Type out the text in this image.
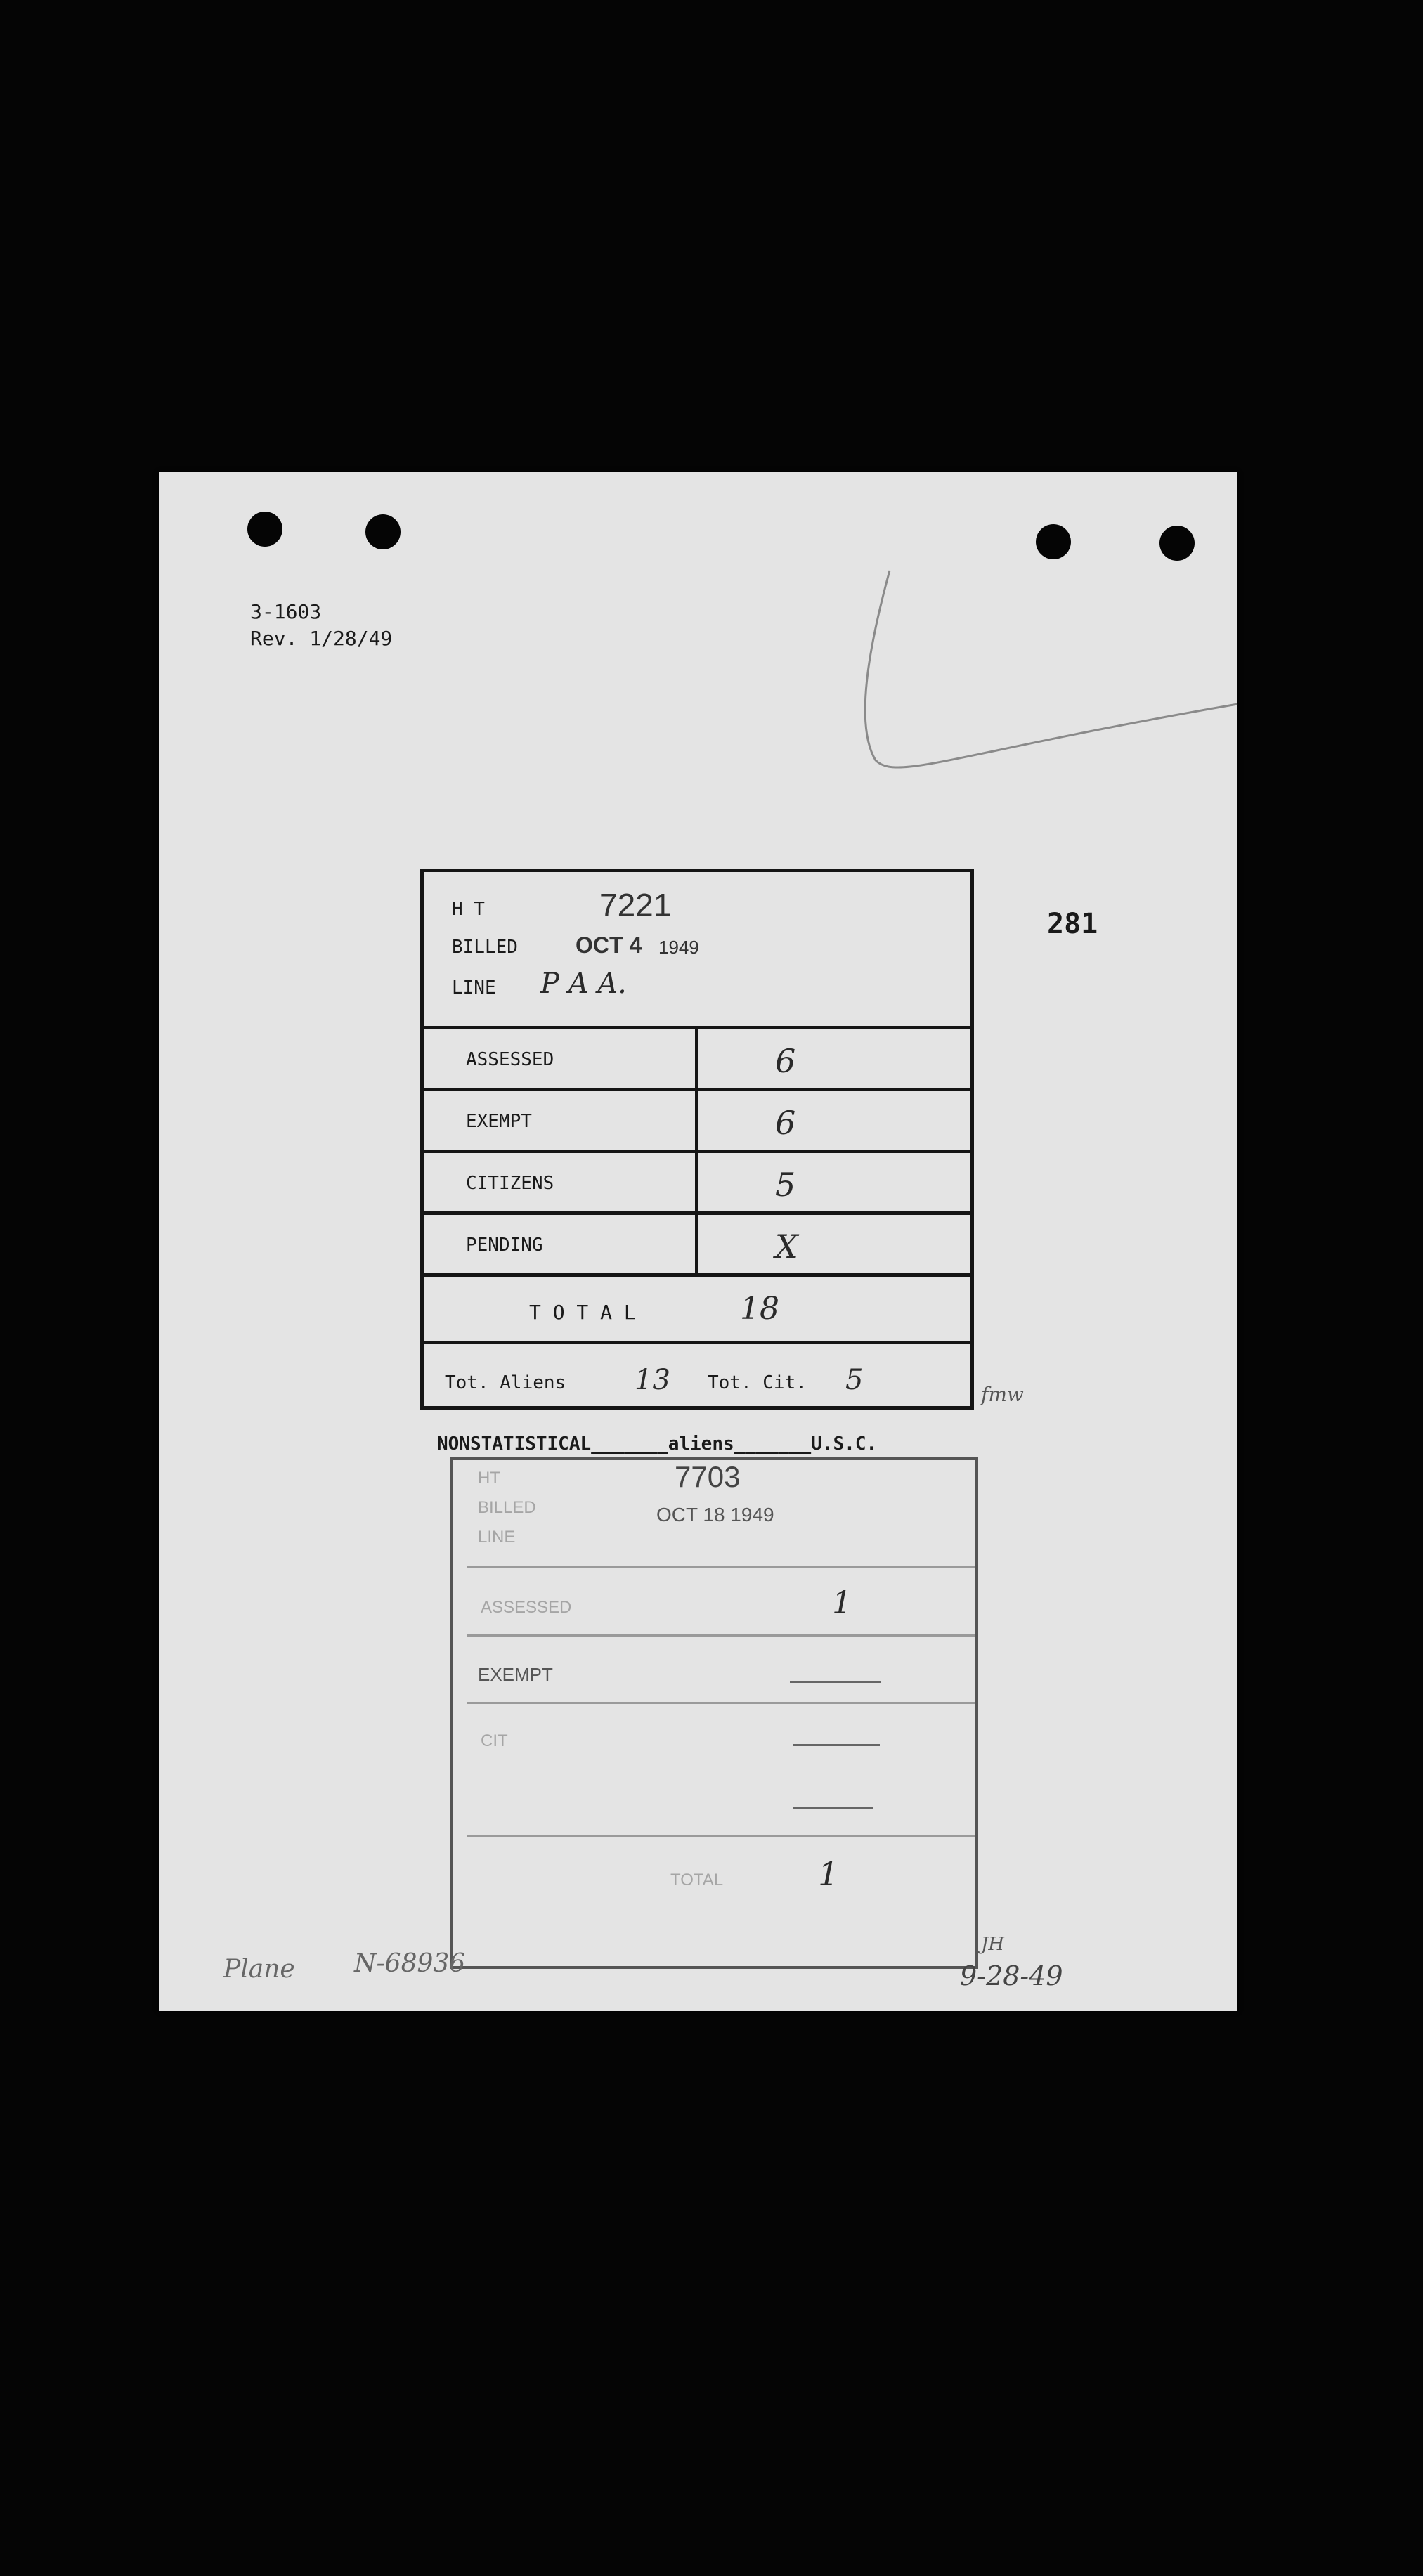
3-1603
Rev. 1/28/49
281
H T	7221
BILLED	OCT 4 1949
LINE P A A.
ASSESSED	6
EXEMPT	6
CITIZENS	5
PENDING	X
T O T A L	18
Tot. Aliens 13 Tot. Cit. 5	fmw
NONSTATISTICAL_______aliens_______U.S.C.
HT	7703
BILLED	OCT 18 1949
LINE
ASSESSED	1
EXEMPT
CIT
TOTAL	1
Plane N-68936
JH
9-28-49
